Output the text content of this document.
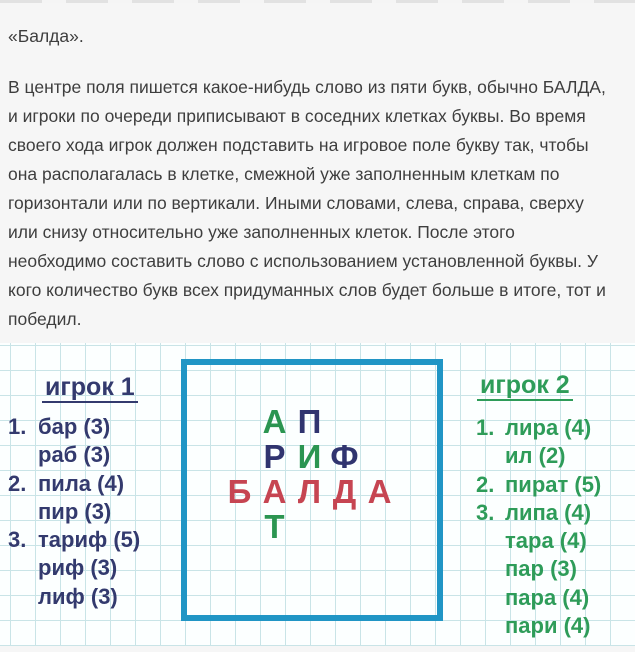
«Балда».
В центре поля пишется какое-нибудь слово из пяти букв, обычно БАЛДА,
и игроки по очереди приписывают в соседних клетках буквы. Во время
своего хода игрок должен подставить на игровое поле букву так, чтобы
она располагалась в клетке, смежной уже заполненным клеткам по
горизонтали или по вертикали. Иными словами, слева, справа, сверху
или снизу относительно уже заполненных клеток. После этого
необходимо составить слово с использованием установленной буквы. У
кого количество букв всех придуманных слов будет больше в итоге, тот и
победил.
игрок 1
1. бар (3)
раб (3)
2. пила (4)
пир (3)
3. тариф (5)
риф (3)
лиф (3)
А П
Р И Ф
Б А Л Д А
Т
игрок 2
1. лира (4)
ил (2)
2. пират (5)
3. липа (4)
тара (4)
пар (3)
пара (4)
пари (4)
